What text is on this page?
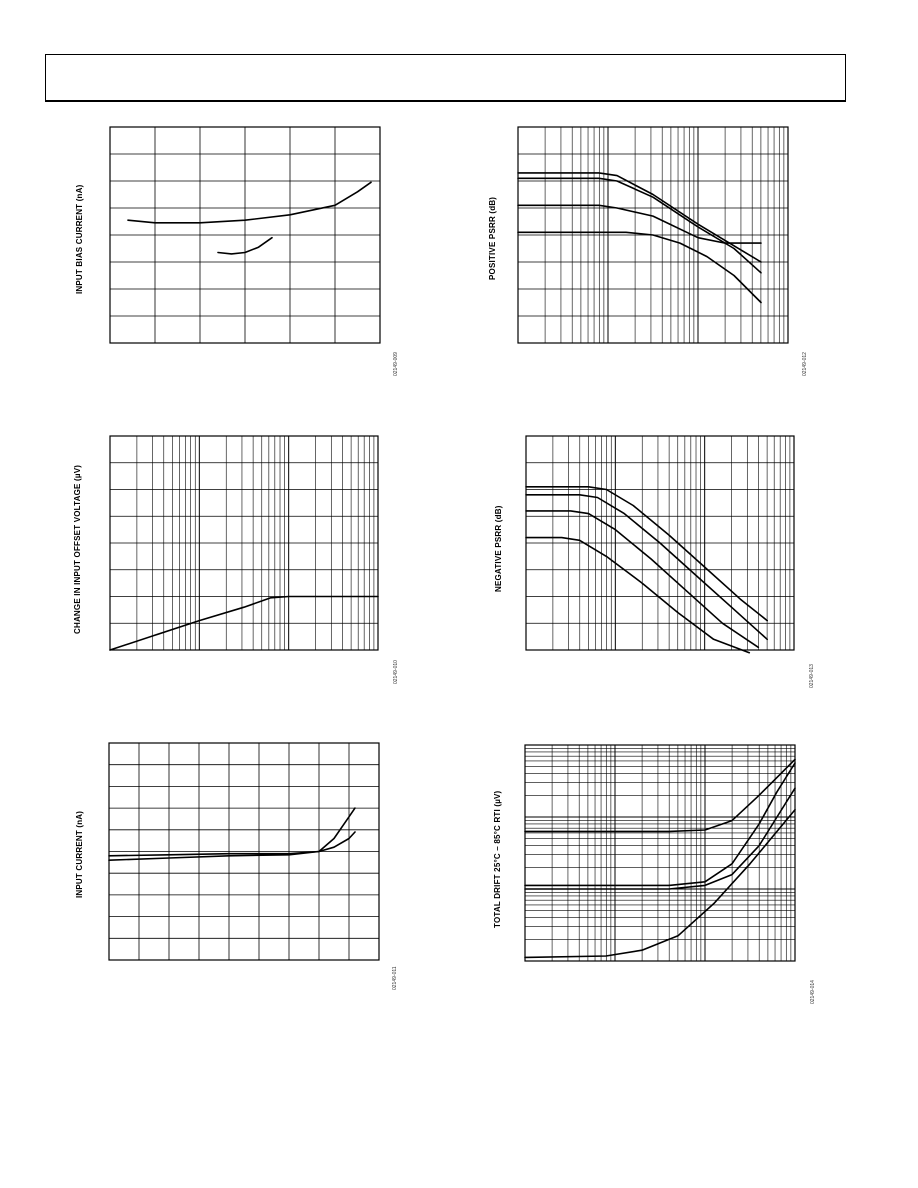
INPUT BIAS CURRENT (nA)
02149-009
POSITIVE PSRR (dB)
02149-012
CHANGE IN INPUT OFFSET VOLTAGE (µV)
02149-010
NEGATIVE PSRR (dB)
02149-013
INPUT CURRENT (nA)
02149-011
TOTAL DRIFT 25°C – 85°C RTI (µV)
02149-014
